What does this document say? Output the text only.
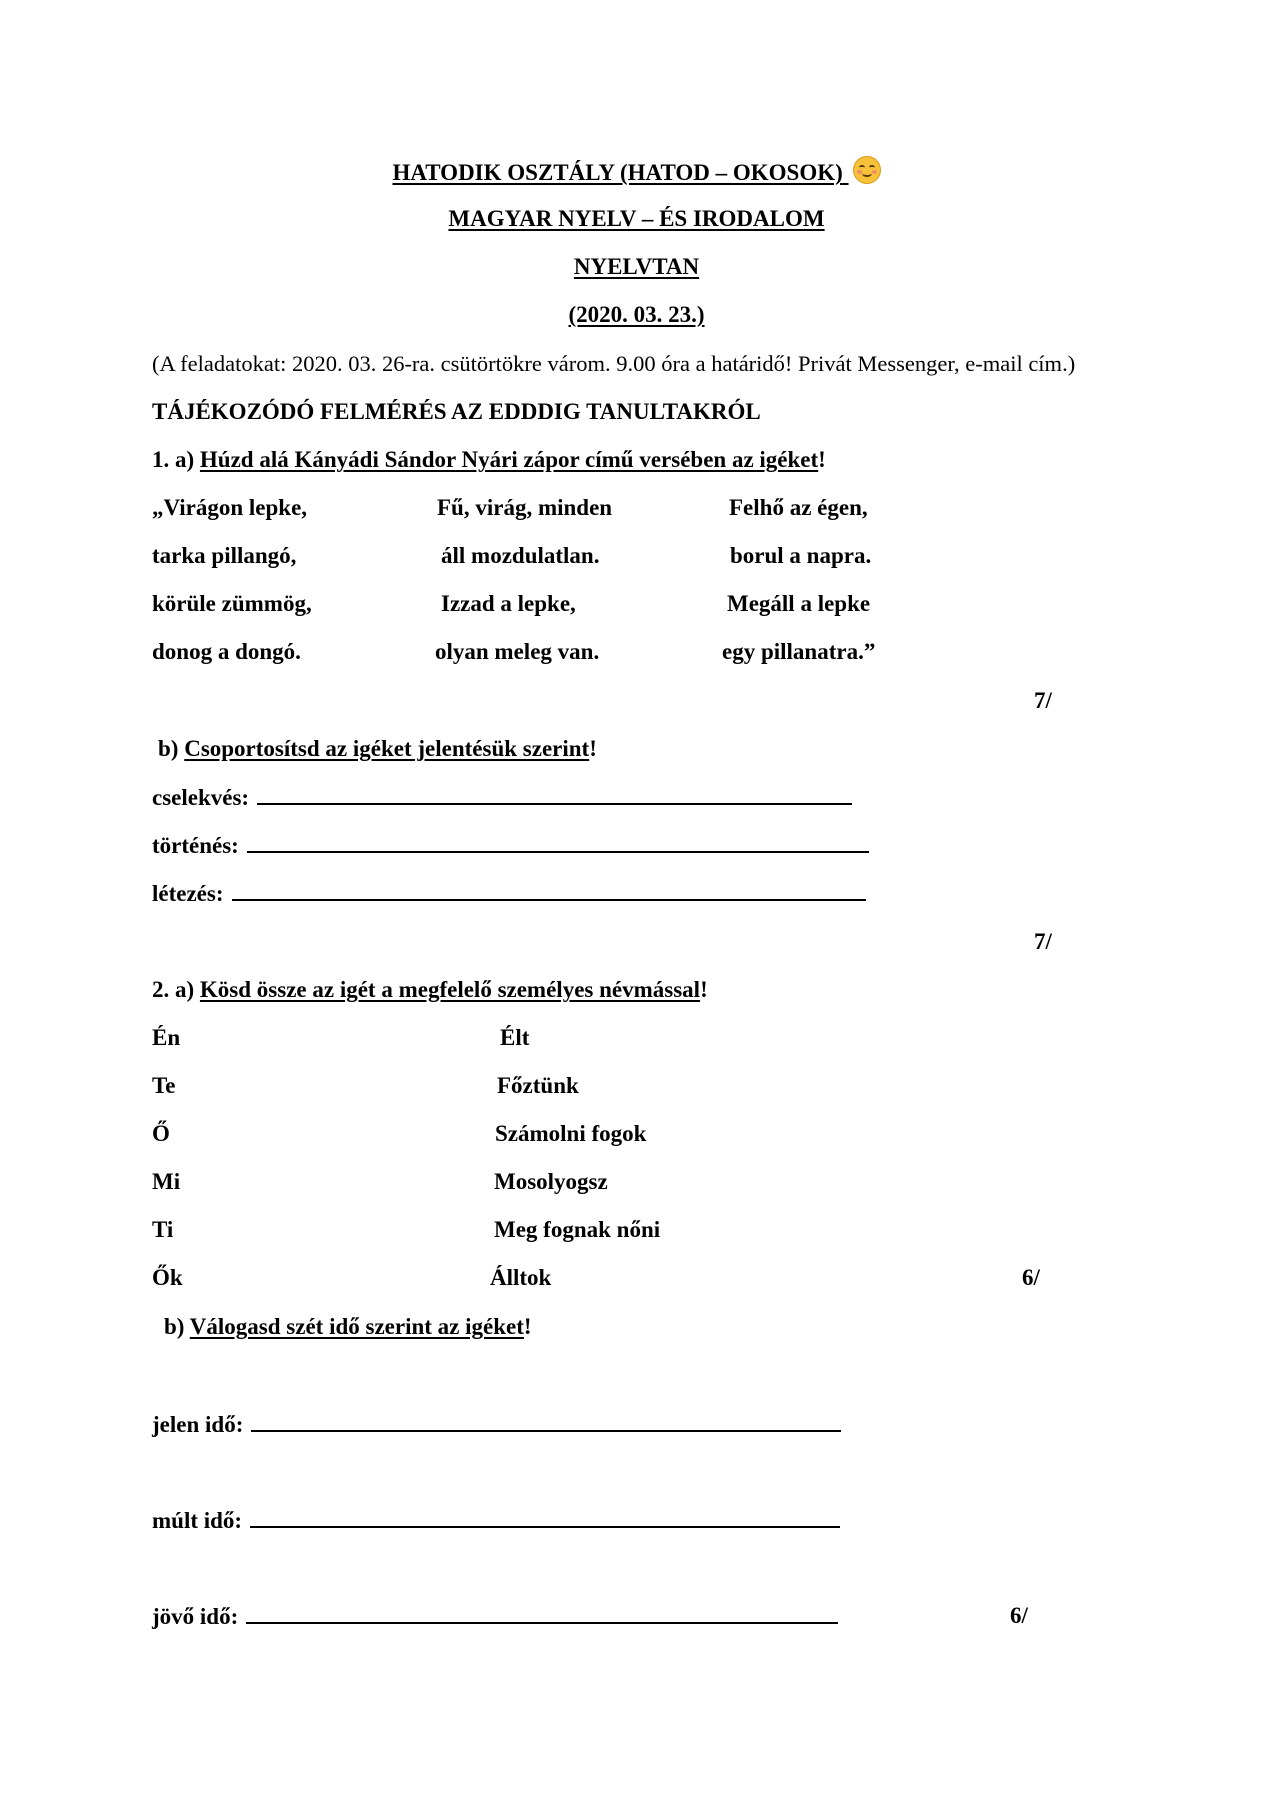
HATODIK OSZTÁLY (HATOD – OKOSOK)
MAGYAR NYELV – ÉS IRODALOM
NYELVTAN
(2020. 03. 23.)
(A feladatokat: 2020. 03. 26-ra. csütörtökre várom. 9.00 óra a határidő! Privát Messenger, e-mail cím.)
TÁJÉKOZÓDÓ FELMÉRÉS AZ EDDDIG TANULTAKRÓL
1. a) Húzd alá Kányádi Sándor Nyári zápor című versében az igéket!
„Virágon lepke,
tarka pillangó,
körüle zümmög,
donog a dongó.
Fű, virág, minden
áll mozdulatlan.
Izzad a lepke,
olyan meleg van.
Felhő az égen,
borul a napra.
Megáll a lepke
egy pillanatra.”
7/
b) Csoportosítsd az igéket jelentésük szerint!
cselekvés:
történés:
létezés:
7/
2. a) Kösd össze az igét a megfelelő személyes névmással!
Én
Te
Ő
Mi
Ti
Ők
Élt
Főztünk
Számolni fogok
Mosolyogsz
Meg fognak nőni
Álltok	6/
b) Válogasd szét idő szerint az igéket!
jelen idő:
múlt idő:
jövő idő:	6/
